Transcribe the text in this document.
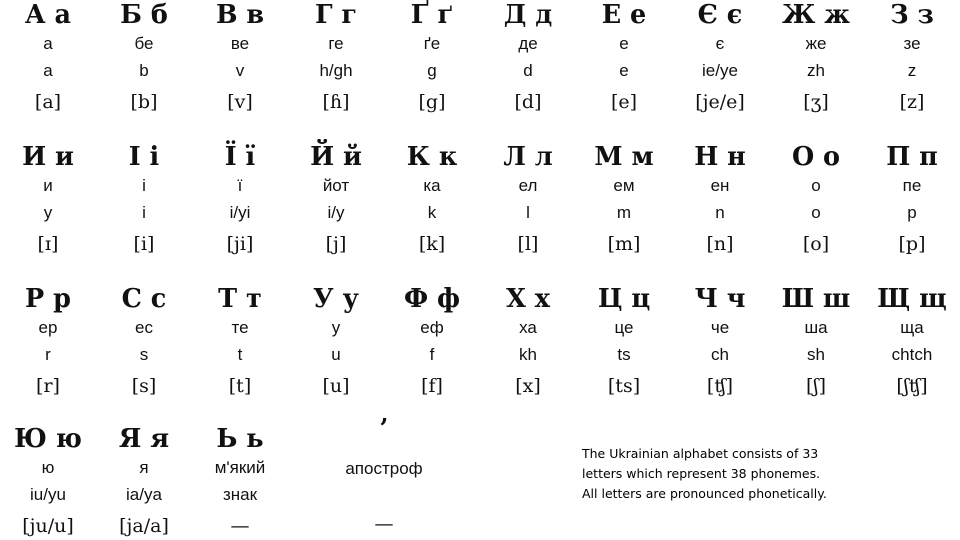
А а
а
a
[a]
Б б
бе
b
[b]
В в
ве
v
[v]
Г г
ге
h/gh
[ɦ]
Ґ ґ
ґе
g
[g]
Д д
де
d
[d]
Е е
е
e
[e]
Є є
є
ie/ye
[je/e]
Ж ж
же
zh
[ʒ]
З з
зе
z
[z]
И и
и
y
[ɪ]
І і
і
i
[i]
Ї ї
ї
i/yi
[ji]
Й й
йот
i/y
[j]
К к
ка
k
[k]
Л л
ел
l
[l]
М м
ем
m
[m]
Н н
ен
n
[n]
О о
о
o
[o]
П п
пе
p
[p]
Р р
ер
r
[r]
С с
ес
s
[s]
Т т
те
t
[t]
У у
у
u
[u]
Ф ф
еф
f
[f]
Х х
ха
kh
[x]
Ц ц
це
ts
[ts]
Ч ч
че
ch
[ʧ]
Ш ш
ша
sh
[ʃ]
Щ щ
ща
chtch
[ʃʧ]
Ю ю
ю
iu/yu
[ju/u]
Я я
я
ia/ya
[ja/a]
Ь ь
м'який
знак
—
’
апостроф
—
The Ukrainian alphabet consists of 33
letters which represent 38 phonemes.
All letters are pronounced phonetically.
